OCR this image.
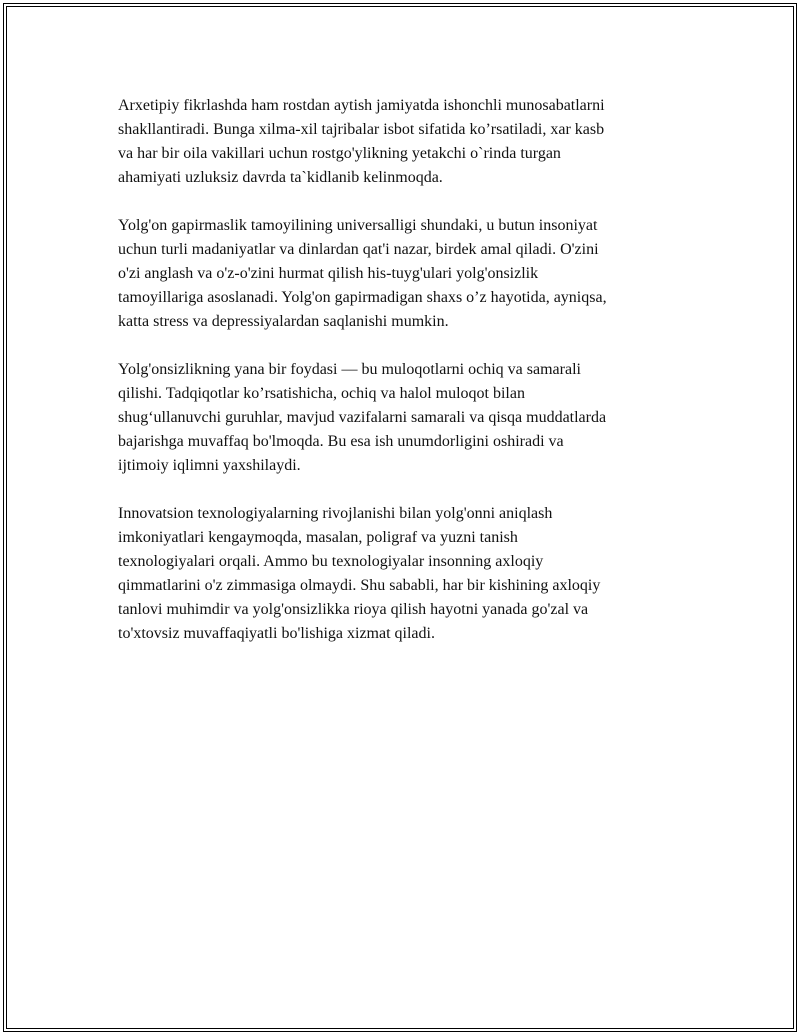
Arxetipiy fikrlashda ham rostdan aytish jamiyatda ishonchli munosabatlarni
shakllantiradi. Bunga xilma-xil tajribalar isbot sifatida ko’rsatiladi, xar kasb
va har bir oila vakillari uchun rostgo'ylikning yetakchi o`rinda turgan
ahamiyati uzluksiz davrda ta`kidlanib kelinmoqda.

Yolg'on gapirmaslik tamoyilining universalligi shundaki, u butun insoniyat
uchun turli madaniyatlar va dinlardan qat'i nazar, birdek amal qiladi. O'zini
o'zi anglash va o'z-o'zini hurmat qilish his-tuyg'ulari yolg'onsizlik
tamoyillariga asoslanadi. Yolg'on gapirmadigan shaxs o’z hayotida, ayniqsa,
katta stress va depressiyalardan saqlanishi mumkin.

Yolg'onsizlikning yana bir foydasi — bu muloqotlarni ochiq va samarali
qilishi. Tadqiqotlar ko’rsatishicha, ochiq va halol muloqot bilan
shug‘ullanuvchi guruhlar, mavjud vazifalarni samarali va qisqa muddatlarda
bajarishga muvaffaq bo'lmoqda. Bu esa ish unumdorligini oshiradi va
ijtimoiy iqlimni yaxshilaydi.

Innovatsion texnologiyalarning rivojlanishi bilan yolg'onni aniqlash
imkoniyatlari kengaymoqda, masalan, poligraf va yuzni tanish
texnologiyalari orqali. Ammo bu texnologiyalar insonning axloqiy
qimmatlarini o'z zimmasiga olmaydi. Shu sababli, har bir kishining axloqiy
tanlovi muhimdir va yolg'onsizlikka rioya qilish hayotni yanada go'zal va
to'xtovsiz muvaffaqiyatli bo'lishiga xizmat qiladi.
